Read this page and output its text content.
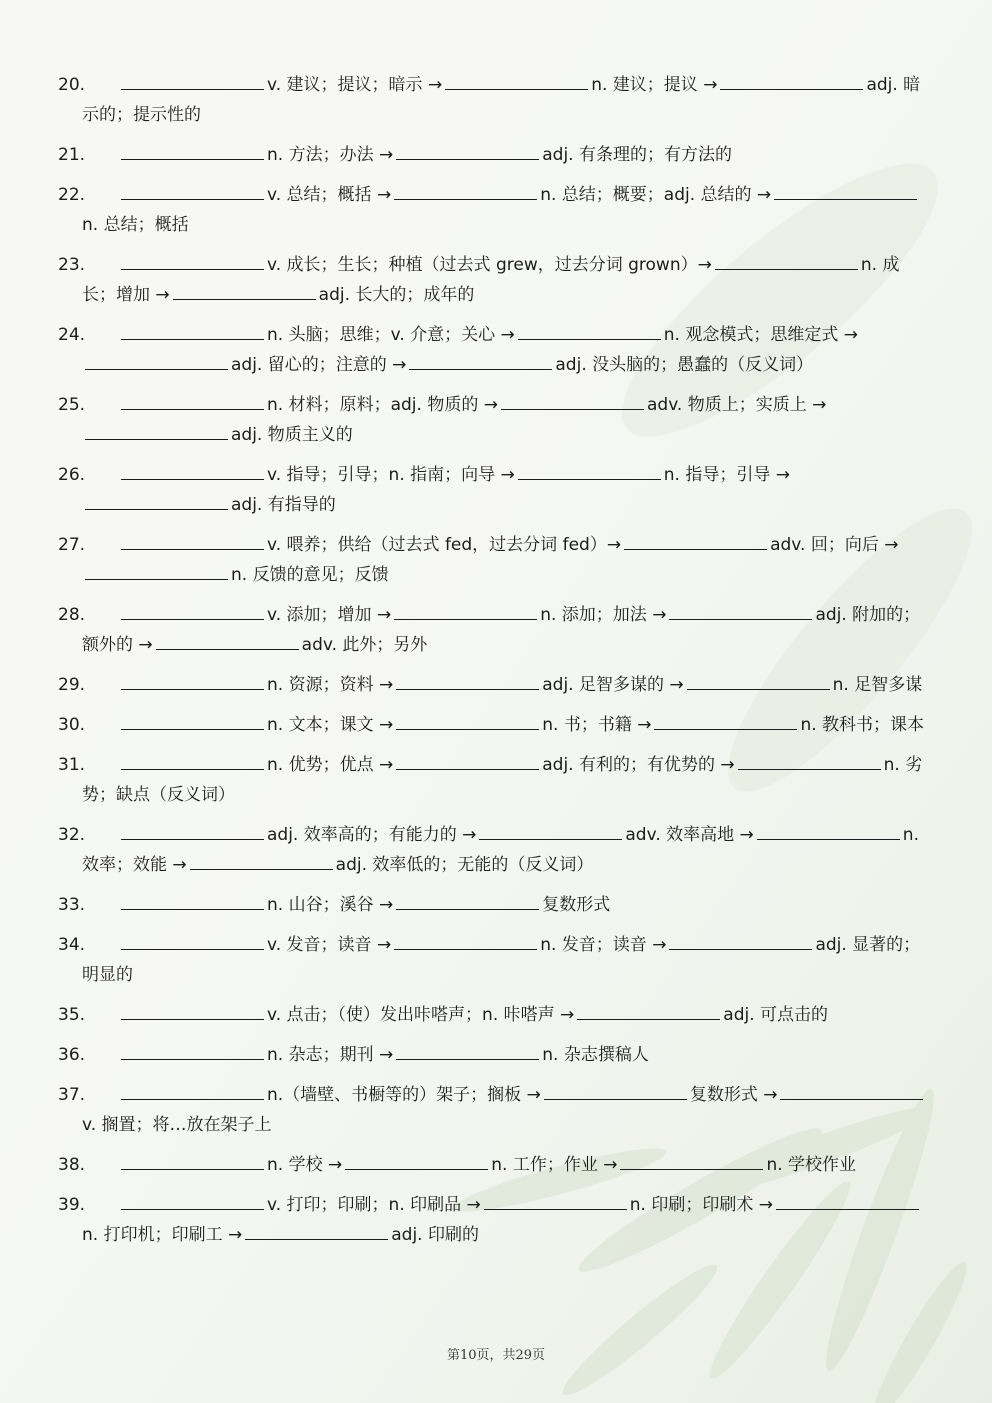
20.	v. 建议；提议；暗示 →	n. 建议；提议 →	adj. 暗示的；提示性的
21.	n. 方法；办法 →	adj. 有条理的；有方法的
22.	v. 总结；概括 →	n. 总结；概要；adj. 总结的 →n. 总结；概括
23.	v. 成长；生长；种植（过去式 grew，过去分词 grown）→	n. 成长；增加 →	adj. 长大的；成年的
24.	n. 头脑；思维；v. 介意；关心 →	n. 观念模式；思维定式 →adj. 留心的；注意的 →	adj. 没头脑的；愚蠢的（反义词）
25.	n. 材料；原料；adj. 物质的 →	adv. 物质上；实质上 →adj. 物质主义的
26.	v. 指导；引导；n. 指南；向导 →	n. 指导；引导 →adj. 有指导的
27.	v. 喂养；供给（过去式 fed，过去分词 fed）→	adv. 回；向后 →n. 反馈的意见；反馈
28.	v. 添加；增加 →	n. 添加；加法 →	adj. 附加的；额外的 →	adv. 此外；另外
29.	n. 资源；资料 →	adj. 足智多谋的 →	n. 足智多谋
30.	n. 文本；课文 →	n. 书；书籍 →	n. 教科书；课本
31.	n. 优势；优点 →	adj. 有利的；有优势的 →	n. 劣势；缺点（反义词）
32.	adj. 效率高的；有能力的 →	adv. 效率高地 →	n. 效率；效能 →	adj. 效率低的；无能的（反义词）
33.	n. 山谷；溪谷 →	复数形式
34.	v. 发音；读音 →	n. 发音；读音 →	adj. 显著的；明显的
35.	v. 点击；（使）发出咔嗒声；n. 咔嗒声 →	adj. 可点击的
36.	n. 杂志；期刊 →	n. 杂志撰稿人
37.	n.（墙壁、书橱等的）架子；搁板 →	复数形式 →v. 搁置；将…放在架子上
38.	n. 学校 →	n. 工作；作业 →	n. 学校作业
39.	v. 打印；印刷；n. 印刷品 →	n. 印刷；印刷术 →n. 打印机；印刷工 →	adj. 印刷的
第10页，共29页
